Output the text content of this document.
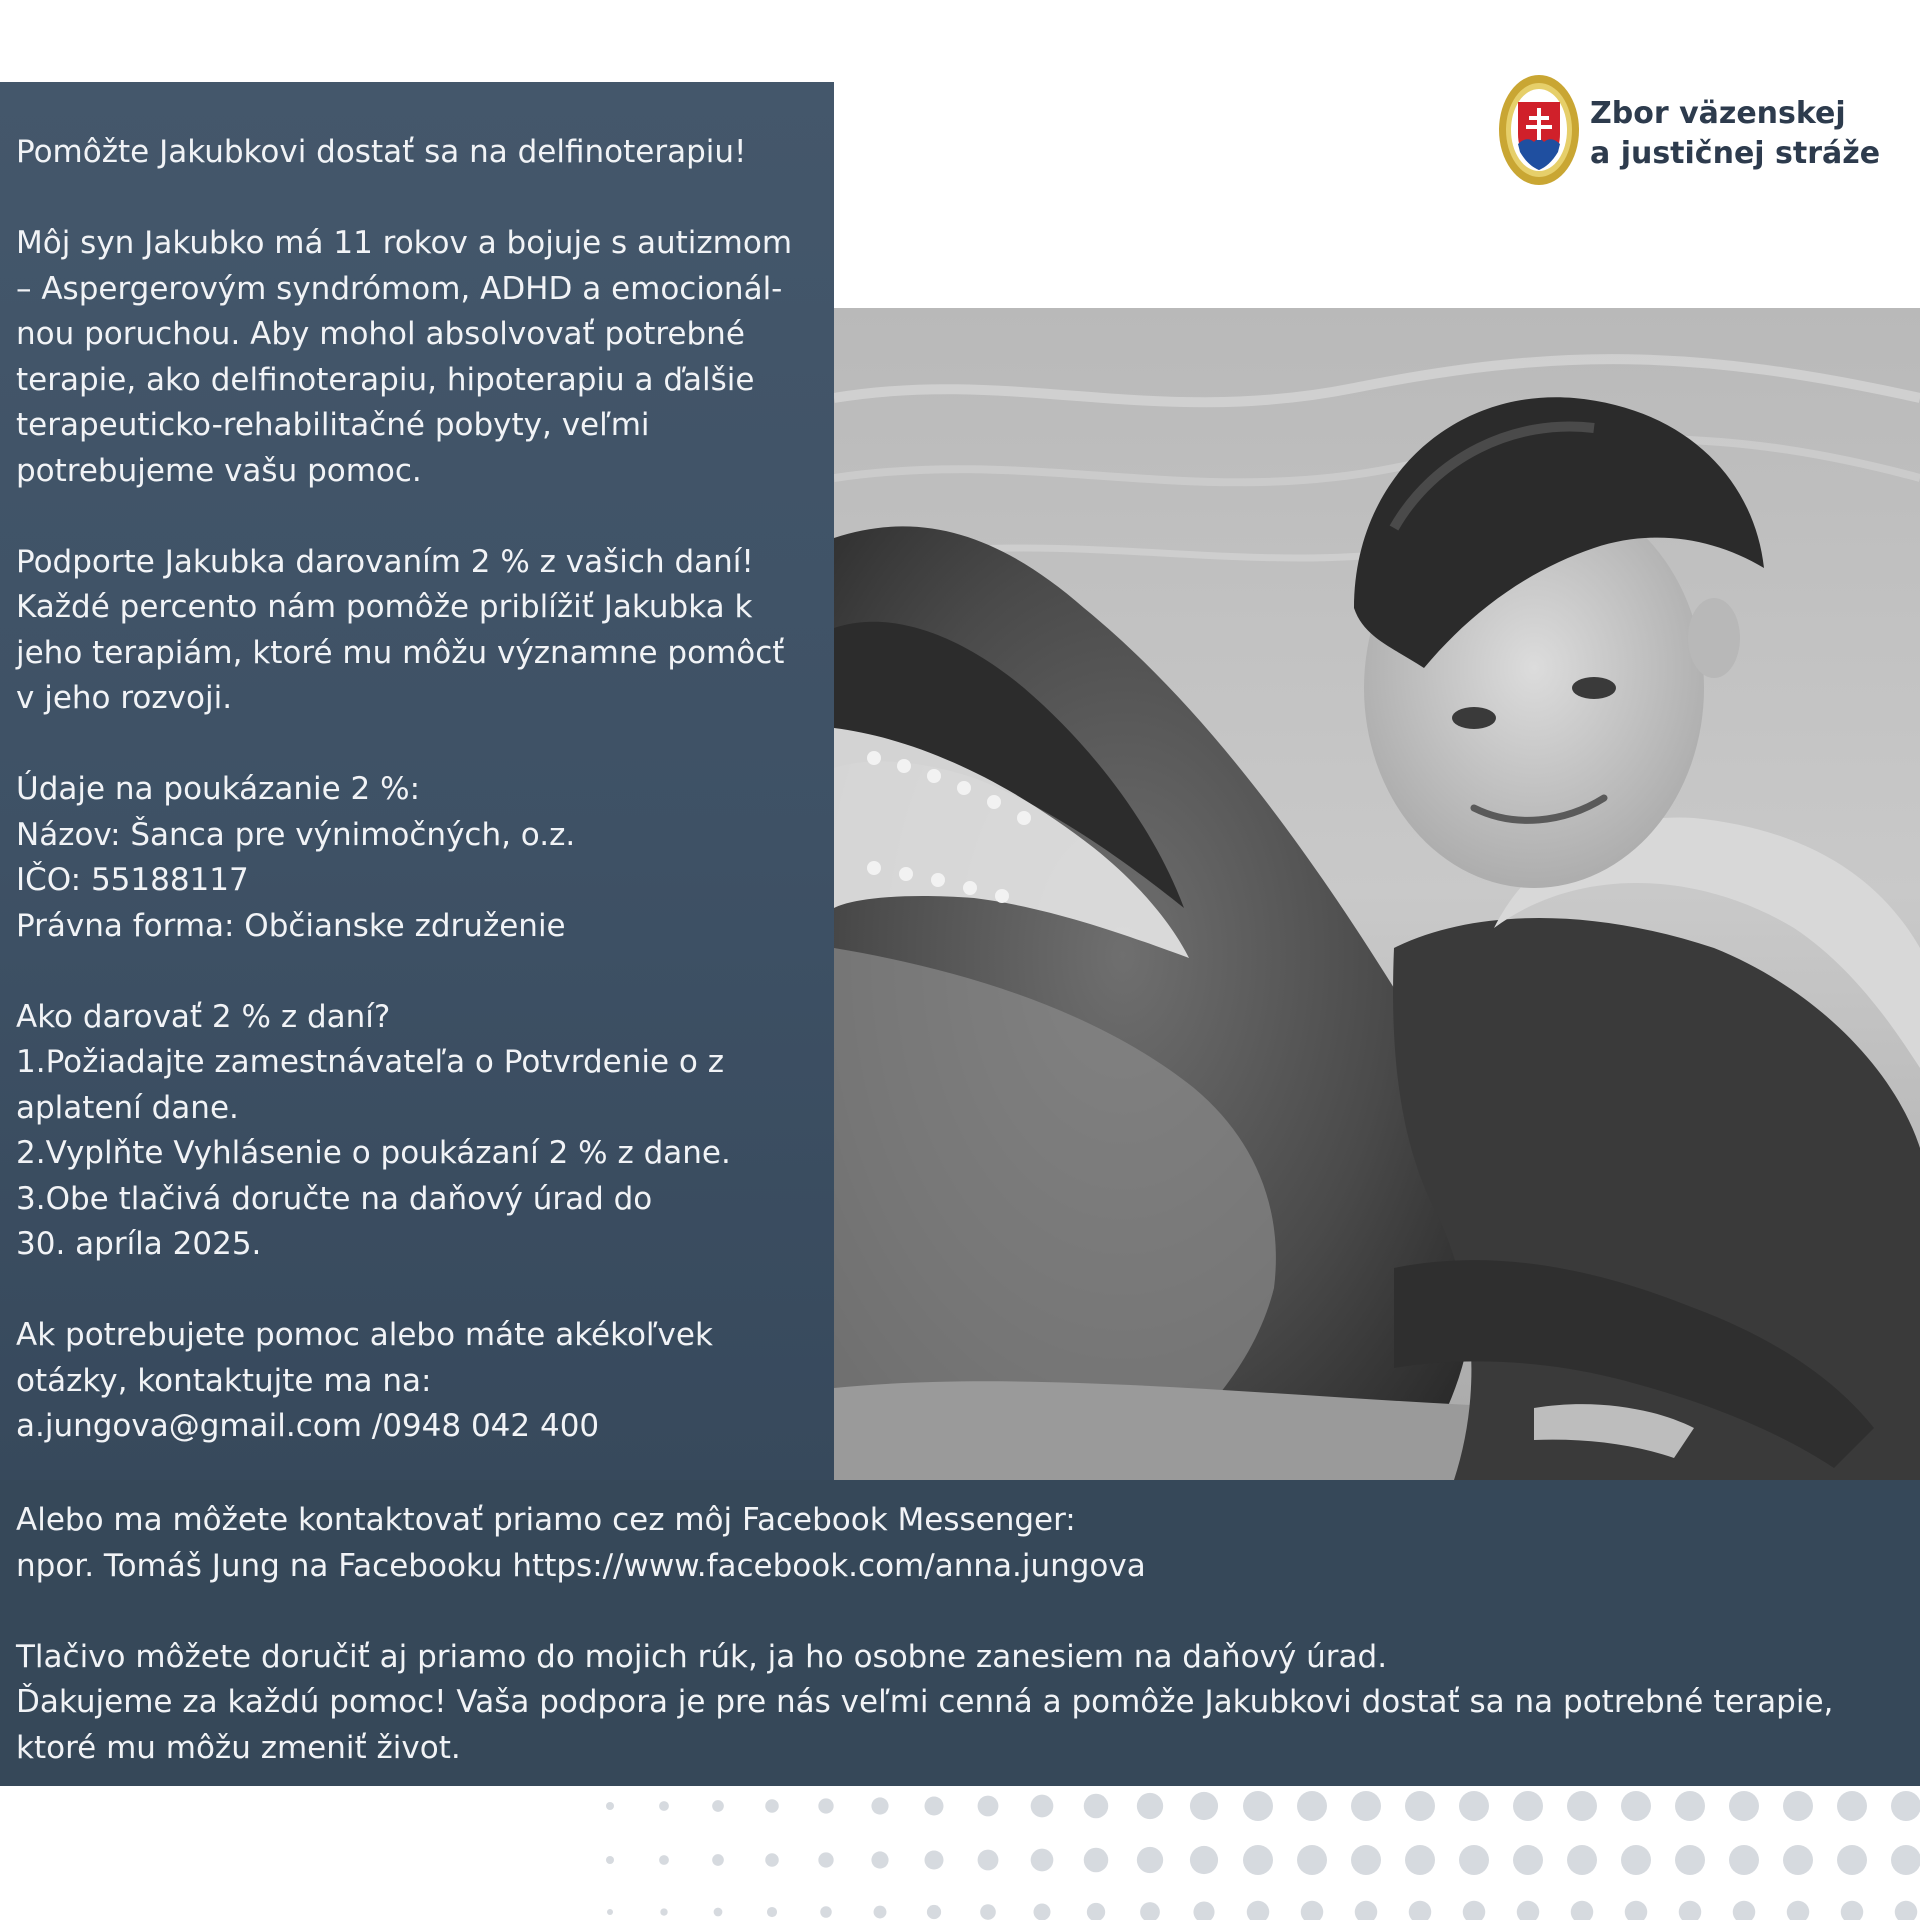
Pomôžte Jakubkovi dostať sa na delfinoterapiu!

Môj syn Jakubko má 11 rokov a bojuje s autizmom
– Aspergerovým syndrómom, ADHD a emocionál-
nou poruchou. Aby mohol absolvovať potrebné
terapie, ako delfinoterapiu, hipoterapiu a ďalšie
terapeuticko-rehabilitačné pobyty, veľmi
potrebujeme vašu pomoc.

Podporte Jakubka darovaním 2 % z vašich daní!
Každé percento nám pomôže priblížiť Jakubka k
jeho terapiám, ktoré mu môžu významne pomôcť
v jeho rozvoji.

Údaje na poukázanie 2 %:
Názov: Šanca pre výnimočných, o.z.
IČO: 55188117
Právna forma: Občianske združenie

Ako darovať 2 % z daní?
1.Požiadajte zamestnávateľa o Potvrdenie o z
aplatení dane.
2.Vyplňte Vyhlásenie o poukázaní 2 % z dane.
3.Obe tlačivá doručte na daňový úrad do
30. apríla 2025.

Ak potrebujete pomoc alebo máte akékoľvek
otázky, kontaktujte ma na:
a.jungova@gmail.com /0948 042 400

Alebo ma môžete kontaktovať priamo cez môj Facebook Messenger:
npor. Tomáš Jung na Facebooku https://www.facebook.com/anna.jungova

Tlačivo môžete doručiť aj priamo do mojich rúk, ja ho osobne zanesiem na daňový úrad.
Ďakujeme za každú pomoc! Vaša podpora je pre nás veľmi cenná a pomôže Jakubkovi dostať sa na potrebné terapie,
ktoré mu môžu zmeniť život.

Zbor väzenskej
a justičnej stráže
